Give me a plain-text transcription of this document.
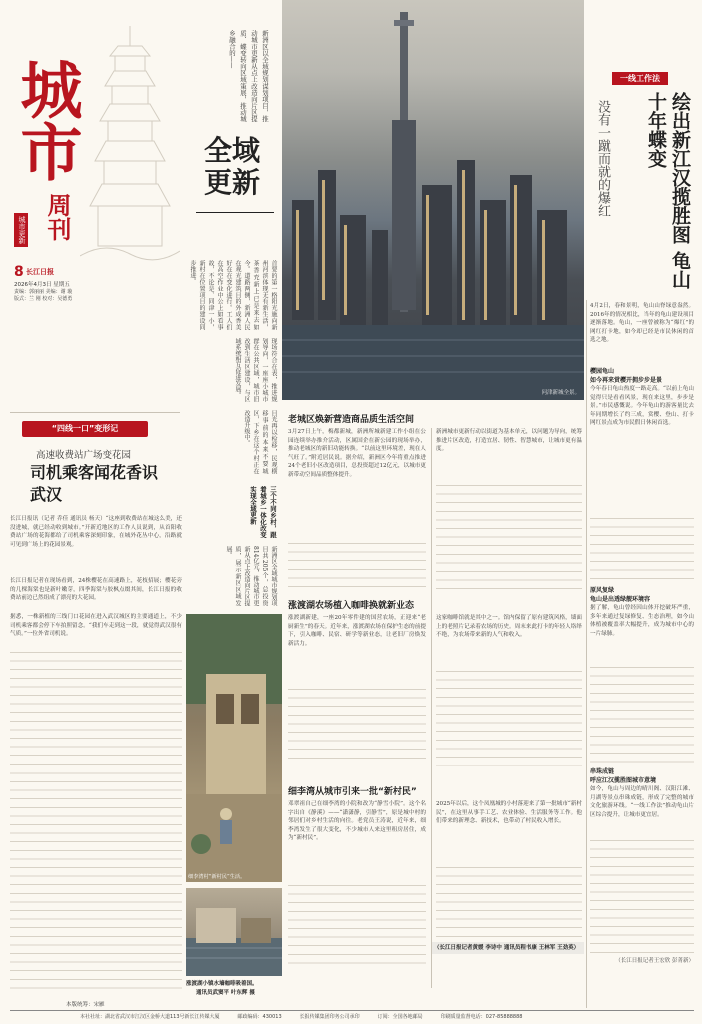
城市
周刊
城市更新
8 长江日报
2026年4月3日 星期五
责编：郭丽丽 美编：谢 璇
版式：兰 刚 校对：吴德勇
新洲区以全域规划谋划项目，推动城市更新从点上改造向片区提质、蝶变转向区域策展，推动城乡融合的——
全域更新
首要的第一格阳光施向新州河滨体现无有新生活，茶香充新上已是来去如今。道路两侧，新洲人民在观光建筑目的外成香美好在在变化进行。工人们在高空作业中公上如看事故，不论是、同津一小，新村在位置项目的建设同步推进。
现场符合在表，推进规划导向，一座座小城市群在公共区域，城市旧改到生活区建设，与区域系统相互促进发展。
目光再以检移，民观横移事前的本来不要城区，下乡在这个村正在改造升级中。
三个不同乡村，跟着城乡一体化改变实现全域更新
新洲区全域城市规划项目共205个，总投资814亿元，推动城市更新从点上改造向片区提质，展示新区区域发展。
问津新城全景。
一线工作法
绘出新江汉揽胜图 龟山十年蝶变
没有一蹴而就的爆红
4月2日，春和景明，龟山山脊绿意盎然。2016年的情况相比，当年的龟山建设项目逐渐落地。龟山，一座曾被称为“爆红”的网红打卡地，如今却已经是市民休闲的首选之地。
樱园龟山
如今再来赏樱开拥步步是景
今年春日龟山热度一路走高。“以前上龟山觉得只是看看风景，现在来这里，步步是景。”市民感慨说。今年龟山的游客量比去年同期增长了约三成，赏樱、登山、打卡网红景点成为市民假日休闲首选。
原风复绿
龟山是出透绿靓环境容
据了解，龟山曾经因山体开挖破坏严重，多年来通过复绿修复、生态治理，如今山体植被覆盖率大幅提升，成为城市中心的一片绿肺。
串珠成链
呼应江汉揽胜图城市意境
如今，龟山与周边的晴川阁、汉阳江滩、月湖等景点串珠成链，形成了完整的城市文化旅游环线。“一线工作法”推动龟山片区综合提升，让城市更宜居。
（长江日报记者王宏欣 彭菁新）
“四线一口”变形记
高速收费站广场变花园
司机乘客闻花香识武汉
长江日报讯（记者 乔佳 通讯员 杨天）“这座到收费站在城这么美，还没进城，就已经动收到城市。”开新近地区的工作人员说到，从首阳收费站广场的花海都给了司机乘客深刻印象，在城外花丛中心，沿路就可见到广场上的花园景观。
长江日报记者在现场看到，24株樱花在高速路上，花枝招展；樱花旁的几棵海棠也是新叶嫩芽，四季海棠与胶枫点缀其间，长江日报的收费站前边已然组成了漂亮的大花园。
据悉，一株新植的三线门口花园在进入武汉城区的主要通道上，不少司机乘客都会停下车拍照留念。“我们车走到这一段，就觉得武汉很有气质。”一位外省司机说。
本版统筹：宋雁
老城区焕新营造商品质生活空间
3月27日上午，梅都新城，新洲所城新建工作小组在公园连续举办推介活动，区属国企在新公园的现场举办，推动老城区的新旧功能转换。“以前这里环境差，现在人气旺了。”附近居民说。据介绍，新洲区今年将重点推进24个老旧小区改造项目，总投资超过12亿元，以城市更新带动空间品质整体提升。
新洲城市更新行动以街道为基本单元，以问题为导向，统筹推进片区改造，打造宜居、韧性、智慧城市，让城市更有温度。
涨渡湖农场植入咖啡换就新业态
涨渡湖新建，一座20年零件建的国营农场，正迎来“老厨新生”的春天。近年来，涨渡湖农场在保护生态的前提下，引入咖啡、民宿、研学等新业态，让老旧厂房焕发新活力。
这家咖啡馆就是其中之一。馆内保留了原有建筑风格，墙面上的老照片记录着农场的历史。周末来此打卡的年轻人络绎不绝，为农场带来新的人气和收入。
细李湾从城市引来一批“新村民”
邓翠祖自己在细李湾的小院和改为“静雪小院”。这个名字出自《静溪》——“潇潇静，引静雪”，原是城中村的邻居们对乡村生活的向往。老党员王涛说，近年来，细李湾发生了很大变化，不少城市人来这里租房居住，成为“新村民”。
2025年以后，这个凤凰城的小村落迎来了第一批城市“新村民”，在这里从事手工艺、农业体验、生活服务等工作。他们带来的新理念、新技术，也带动了村民收入增长。
（长江日报记者黄媛 李诗中 通讯员程书康 王林军 王劲英）
细李湾村“新村民”生活。
涨渡湖小镇水墙咖啡吸着国。
通讯员武窦平 叶东辉 摄
本社社址：湖北省武汉市江汉区金桥大道113号新长江传媒大厦	邮政编码：430013	长报传媒集团印务公司承印	订阅：全国各地邮局	印刷质量监督电话：027-85888888
